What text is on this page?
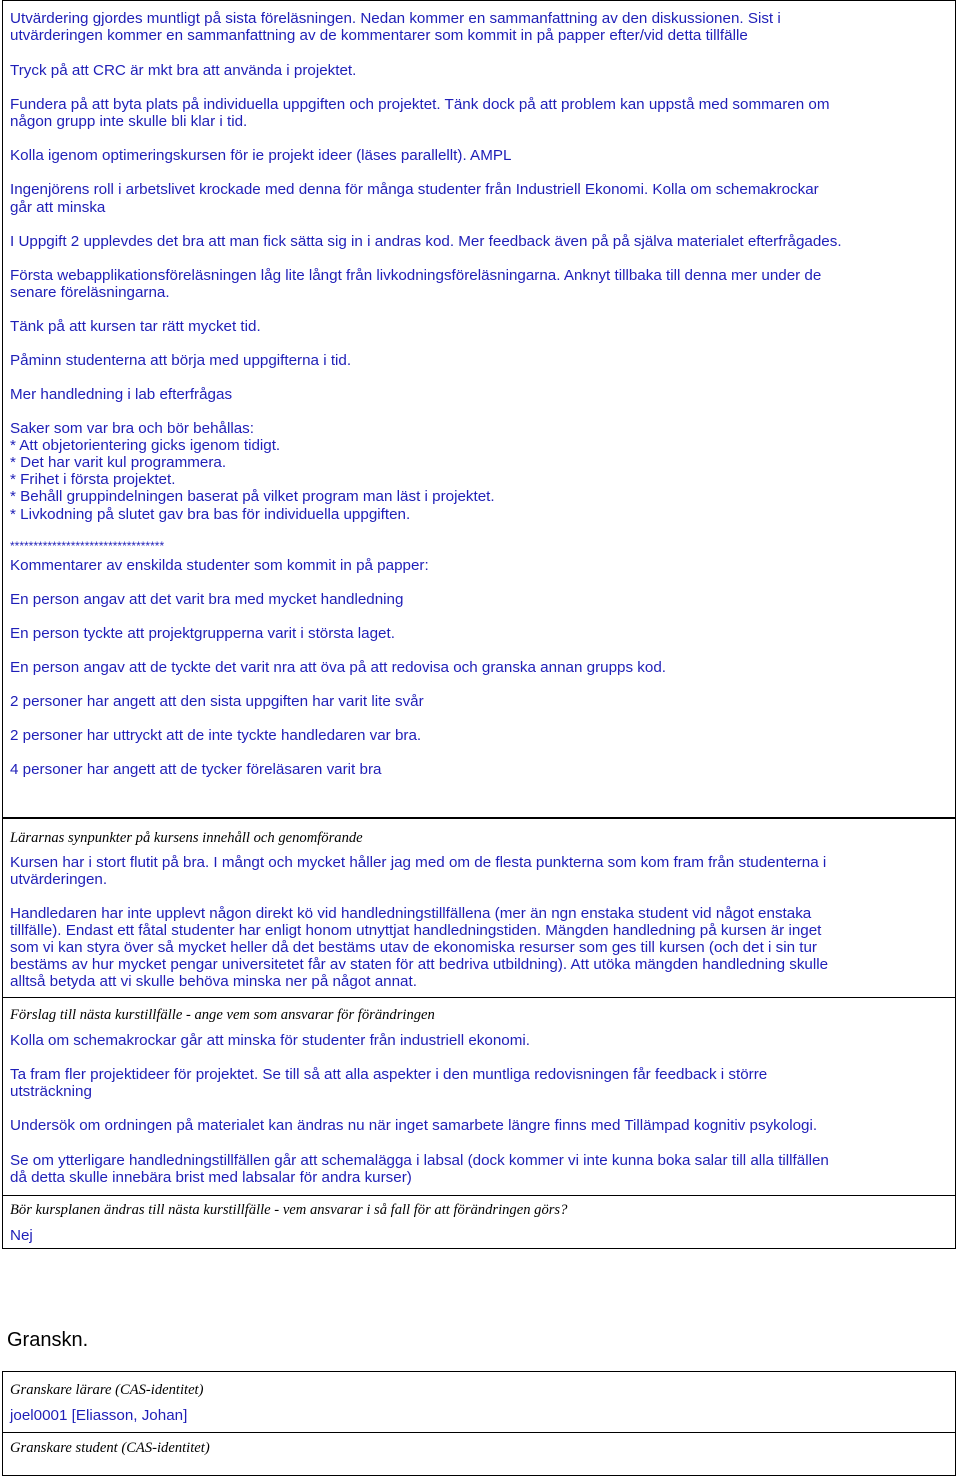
Utvärdering gjordes muntligt på sista föreläsningen. Nedan kommer en sammanfattning av den diskussionen. Sist i

utvärderingen kommer en sammanfattning av de kommentarer som kommit in på papper efter/vid detta tillfälle

Tryck på att CRC är mkt bra att använda i projektet.

Fundera på att byta plats på individuella uppgiften och projektet. Tänk dock på att problem kan uppstå med sommaren om

någon grupp inte skulle bli klar i tid.

Kolla igenom optimeringskursen för ie projekt ideer (läses parallellt). AMPL

Ingenjörens roll i arbetslivet krockade med denna för många studenter från Industriell Ekonomi. Kolla om schemakrockar

går att minska

I Uppgift 2 upplevdes det bra att man fick sätta sig in i andras kod. Mer feedback även på på själva materialet efterfrågades.

Första webapplikationsföreläsningen låg lite långt från livkodningsföreläsningarna. Anknyt tillbaka till denna mer under de

senare föreläsningarna.

Tänk på att kursen tar rätt mycket tid.

Påminn studenterna att börja med uppgifterna i tid.

Mer handledning i lab efterfrågas

Saker som var bra och bör behållas:

* Att objetorientering gicks igenom tidigt.

* Det har varit kul programmera.

* Frihet i första projektet.

* Behåll gruppindelningen baserat på vilket program man läst i projektet.

* Livkodning på slutet gav bra bas för individuella uppgiften.

*********************************

Kommentarer av enskilda studenter som kommit in på papper:

En person angav att det varit bra med mycket handledning

En person tyckte att projektgrupperna varit i största laget.

En person angav att de tyckte det varit nra att öva på att redovisa och granska annan grupps kod.

2 personer har angett att den sista uppgiften har varit lite svår

2 personer har uttryckt att de inte tyckte handledaren var bra.

4 personer har angett att de tycker föreläsaren varit bra

Lärarnas synpunkter på kursens innehåll och genomförande

Kursen har i stort flutit på bra. I mångt och mycket håller jag med om de flesta punkterna som kom fram från studenterna i

utvärderingen.

Handledaren har inte upplevt någon direkt kö vid handledningstillfällena (mer än ngn enstaka student vid något enstaka

tillfälle). Endast ett fåtal studenter har enligt honom utnyttjat handledningstiden. Mängden handledning på kursen är inget

som vi kan styra över så mycket heller då det bestäms utav de ekonomiska resurser som ges till kursen (och det i sin tur

bestäms av hur mycket pengar universitetet får av staten för att bedriva utbildning). Att utöka mängden handledning skulle

alltså betyda att vi skulle behöva minska ner på något annat.

Förslag till nästa kurstillfälle - ange vem som ansvarar för förändringen

Kolla om schemakrockar går att minska för studenter från industriell ekonomi.

Ta fram fler projektideer för projektet. Se till så att alla aspekter i den muntliga redovisningen får feedback i större

utsträckning

Undersök om ordningen på materialet kan ändras nu när inget samarbete längre finns med Tillämpad kognitiv psykologi.

Se om ytterligare handledningstillfällen går att schemalägga i labsal (dock kommer vi inte kunna boka salar till alla tillfällen

då detta skulle innebära brist med labsalar för andra kurser)

Bör kursplanen ändras till nästa kurstillfälle - vem ansvarar i så fall för att förändringen görs?

Nej

Granskn.

Granskare lärare (CAS-identitet)

joel0001 [Eliasson, Johan]

Granskare student (CAS-identitet)
